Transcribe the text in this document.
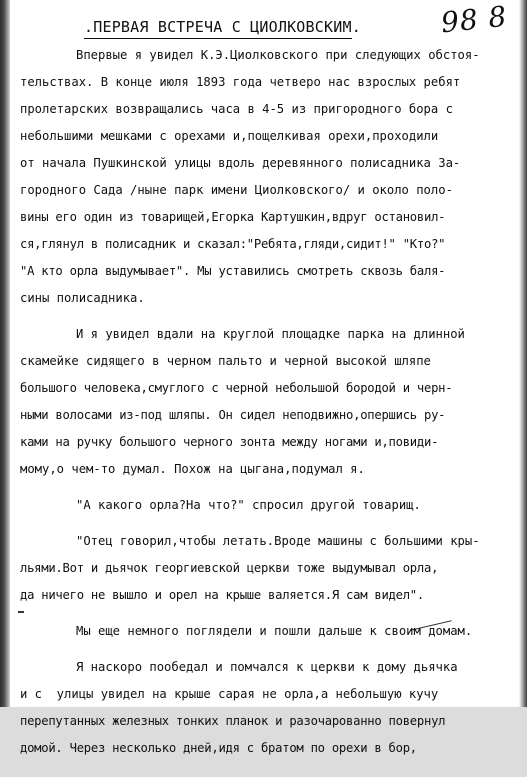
98 8
.ПЕРВАЯ ВСТРЕЧА С ЦИОЛКОВСКИМ.
Впервые я увидел К.Э.Циолковского при следующих обстоя-
тельствах. В конце июля 1893 года четверо нас взрослых ребят
пролетарских возвращались часа в 4-5 из пригородного бора с
небольшими мешками с орехами и,пощелкивая орехи,проходили
от начала Пушкинской улицы вдоль деревянного полисадника За-
городного Сада /ныне парк имени Циолковского/ и около поло-
вины его один из товарищей,Егорка Картушкин,вдруг остановил-
ся,глянул в полисадник и сказал:"Ребята,гляди,сидит!" "Кто?"
"А кто орла выдумывает". Мы уставились смотреть сквозь баля-
сины полисадника.
И я увидел вдали на круглой площадке парка на длинной
скамейке сидящего в черном пальто и черной высокой шляпе
большого человека,смуглого с черной небольшой бородой и черн-
ными волосами из-под шляпы. Он сидел неподвижно,опершись ру-
ками на ручку большого черного зонта между ногами и,повиди-
мому,о чем-то думал. Похож на цыгана,подумал я.
"А какого орла?На что?" спросил другой товарищ.
"Отец говорил,чтобы летать.Вроде машины с большими кры-
льями.Вот и дьячок георгиевской церкви тоже выдумывал орла,
да ничего не вышло и орел на крыше валяется.Я сам видел".
Мы еще немного поглядели и пошли дальше к своим домам.
Я наскоро пообедал и помчался к церкви к дому дьячка
и с  улицы увидел на крыше сарая не орла,а небольшую кучу
перепутанных железных тонких планок и разочарованно повернул
домой. Через несколько дней,идя с братом по орехи в бор,
